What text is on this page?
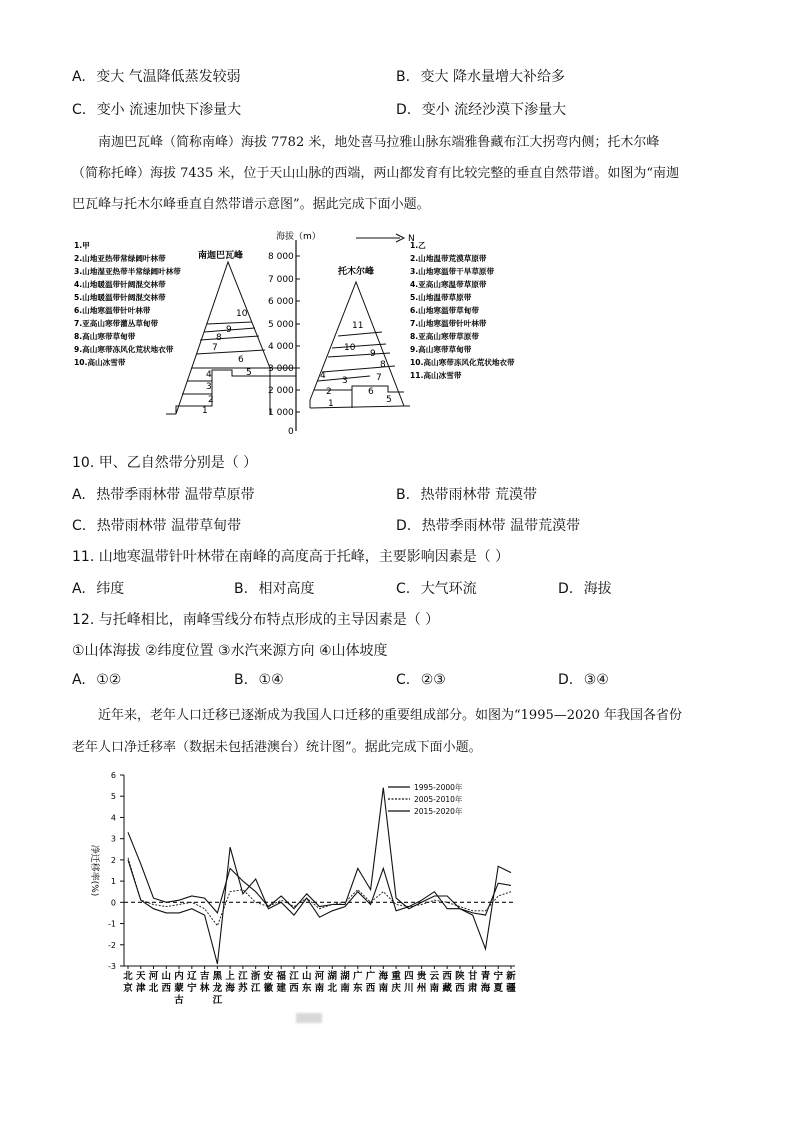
A. 变大 气温降低蒸发较弱	B. 变大 降水量增大补给多
C. 变小 流速加快下渗量大	D. 变小 流经沙漠下渗量大
南迦巴瓦峰（简称南峰）海拔 7782 米，地处喜马拉雅山脉东端雅鲁藏布江大拐弯内侧；托木尔峰
（简称托峰）海拔 7435 米，位于天山山脉的西端，两山都发育有比较完整的垂直自然带谱。如图为“南迦
巴瓦峰与托木尔峰垂直自然带谱示意图”。据此完成下面小题。
海拔（m）	N
8 000
7 000
6 000
5 000
4 000
3 000
2 000
1 000
0
南迦巴瓦峰
1
2
3
4	5
6
7
8
9
10
托木尔峰
1
2
3
4
5
6
7
8
9
10
11
1.甲
2.山地亚热带常绿阔叶林带
3.山地湿亚热带半常绿阔叶林带
4.山地暖温带针阔混交林带
5.山地暖温带针阔混交林带
6.山地寒温带针叶林带
7.亚高山寒带灌丛草甸带
8.高山寒带草甸带
9.高山寒带冻风化荒状地衣带
10.高山冰雪带
1.乙
2.山地温带荒漠草原带
3.山地寒温带干旱草原带
4.亚高山寒温带草原带
5.山地温带草原带
6.山地寒温带草甸带
7.山地寒温带针叶林带
8.亚高山寒带草原带
9.高山寒带草甸带
10.高山寒带冻风化荒状地衣带
11.高山冰雪带
10. 甲、乙自然带分别是（ ）
A. 热带季雨林带 温带草原带	B. 热带雨林带 荒漠带
C. 热带雨林带 温带草甸带	D. 热带季雨林带 温带荒漠带
11. 山地寒温带针叶林带在南峰的高度高于托峰，主要影响因素是（ ）
A. 纬度	B. 相对高度	C. 大气环流	D. 海拔
12. 与托峰相比，南峰雪线分布特点形成的主导因素是（ ）
①山体海拔 ②纬度位置 ③水汽来源方向 ④山体坡度
A. ①②	B. ①④	C. ②③	D. ③④
近年来，老年人口迁移已逐渐成为我国人口迁移的重要组成部分。如图为“1995—2020 年我国各省份
老年人口净迁移率（数据未包括港澳台）统计图”。据此完成下面小题。
6
5
4
3
2
1
0
-1
-2
-3
净迁移率(%)
北
京
天
津
河
北
山
西
内
蒙
古
辽
宁
吉
林
黑
龙
江
上
海
江
苏
浙
江
安
徽
福
建
江
西
山
东
河
南
湖
北
湖
南
广
东
广
西
海
南
重
庆
四
川
贵
州
云
南
西
藏
陕
西
甘
肃
青
海
宁
夏
新
疆
1995-2000年
2005-2010年
2015-2020年
